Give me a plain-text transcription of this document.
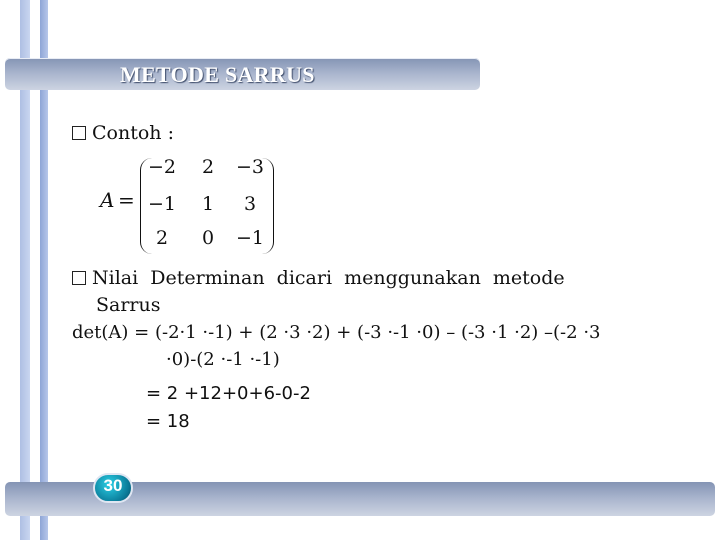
METODE SARRUS
Contoh :
A =
−2	2	−3
−1	1	3
2	0	−1
Nilai  Determinan  dicari  menggunakan  metode
Sarrus
det(A) = (-2·1 ·-1) + (2 ·3 ·2) + (-3 ·-1 ·0) – (-3 ·1 ·2) –(-2 ·3
·0)-(2 ·-1 ·-1)
= 2 +12+0+6-0-2
= 18
30
